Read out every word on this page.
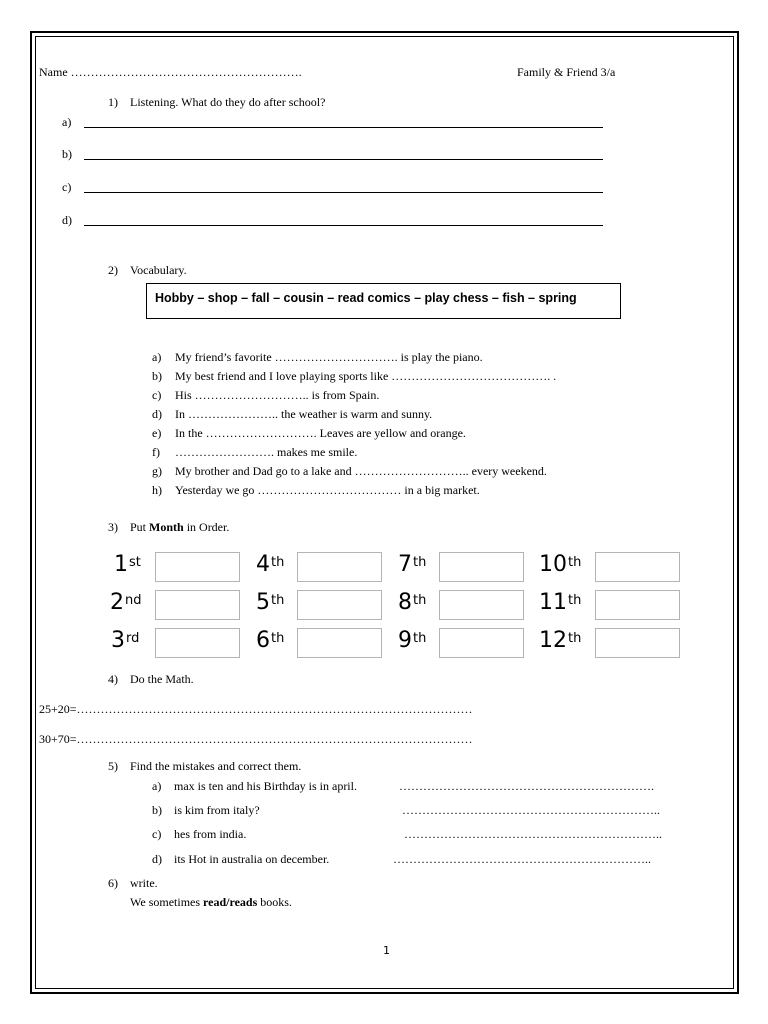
Name ………………………………………………….	Family & Friend 3/a
1) Listening. What do they do after school?
a)
b)
c)
d)
2) Vocabulary.
Hobby – shop – fall – cousin – read comics – play chess – fish – spring
a) My friend’s favorite …………………………. is play the piano.
b) My best friend and I love playing sports like …………………………………. .
c) His ……………………….. is from Spain.
d) In ………………….. the weather is warm and sunny.
e) In the ………………………. Leaves are yellow and orange.
f) ……………………. makes me smile.
g) My brother and Dad go to a lake and ……………………….. every weekend.
h) Yesterday we go ……………………………… in a big market.
3) Put Month in Order.
1st	4th	7th	10th
2nd	5th	8th	11th
3rd	6th	9th	12th
4) Do the Math.
25+20=………………………………………………………………………………………
30+70=………………………………………………………………………………………
5) Find the mistakes and correct them.
a) max is ten and his Birthday is in april.	……………………………………………………….
b) is kim from italy?	………………………………………………………..
c) hes from india.	………………………………………………………..
d) its Hot in australia on december.	………………………………………………………..
6) write.
We sometimes read/reads books.
1
